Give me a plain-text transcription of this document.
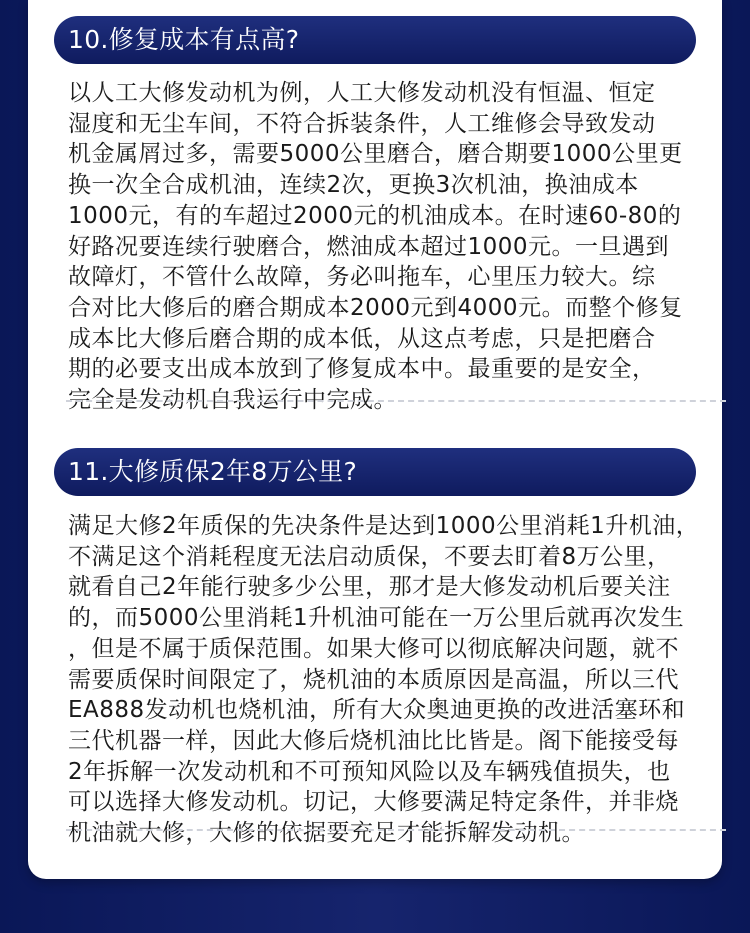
10.修复成本有点高?
以人工大修发动机为例，人工大修发动机没有恒温、恒定
湿度和无尘车间，不符合拆装条件，人工维修会导致发动
机金属屑过多，需要5000公里磨合，磨合期要1000公里更
换一次全合成机油，连续2次，更换3次机油，换油成本
1000元，有的车超过2000元的机油成本。在时速60-80的
好路况要连续行驶磨合，燃油成本超过1000元。一旦遇到
故障灯，不管什么故障，务必叫拖车，心里压力较大。综
合对比大修后的磨合期成本2000元到4000元。而整个修复
成本比大修后磨合期的成本低，从这点考虑，只是把磨合
期的必要支出成本放到了修复成本中。最重要的是安全，
完全是发动机自我运行中完成。
11.大修质保2年8万公里?
满足大修2年质保的先决条件是达到1000公里消耗1升机油，
不满足这个消耗程度无法启动质保，不要去盯着8万公里，
就看自己2年能行驶多少公里，那才是大修发动机后要关注
的，而5000公里消耗1升机油可能在一万公里后就再次发生
，但是不属于质保范围。如果大修可以彻底解决问题，就不
需要质保时间限定了，烧机油的本质原因是高温，所以三代
EA888发动机也烧机油，所有大众奥迪更换的改进活塞环和
三代机器一样，因此大修后烧机油比比皆是。阁下能接受每
2年拆解一次发动机和不可预知风险以及车辆残值损失，也
可以选择大修发动机。切记，大修要满足特定条件，并非烧
机油就大修，大修的依据要充足才能拆解发动机。
